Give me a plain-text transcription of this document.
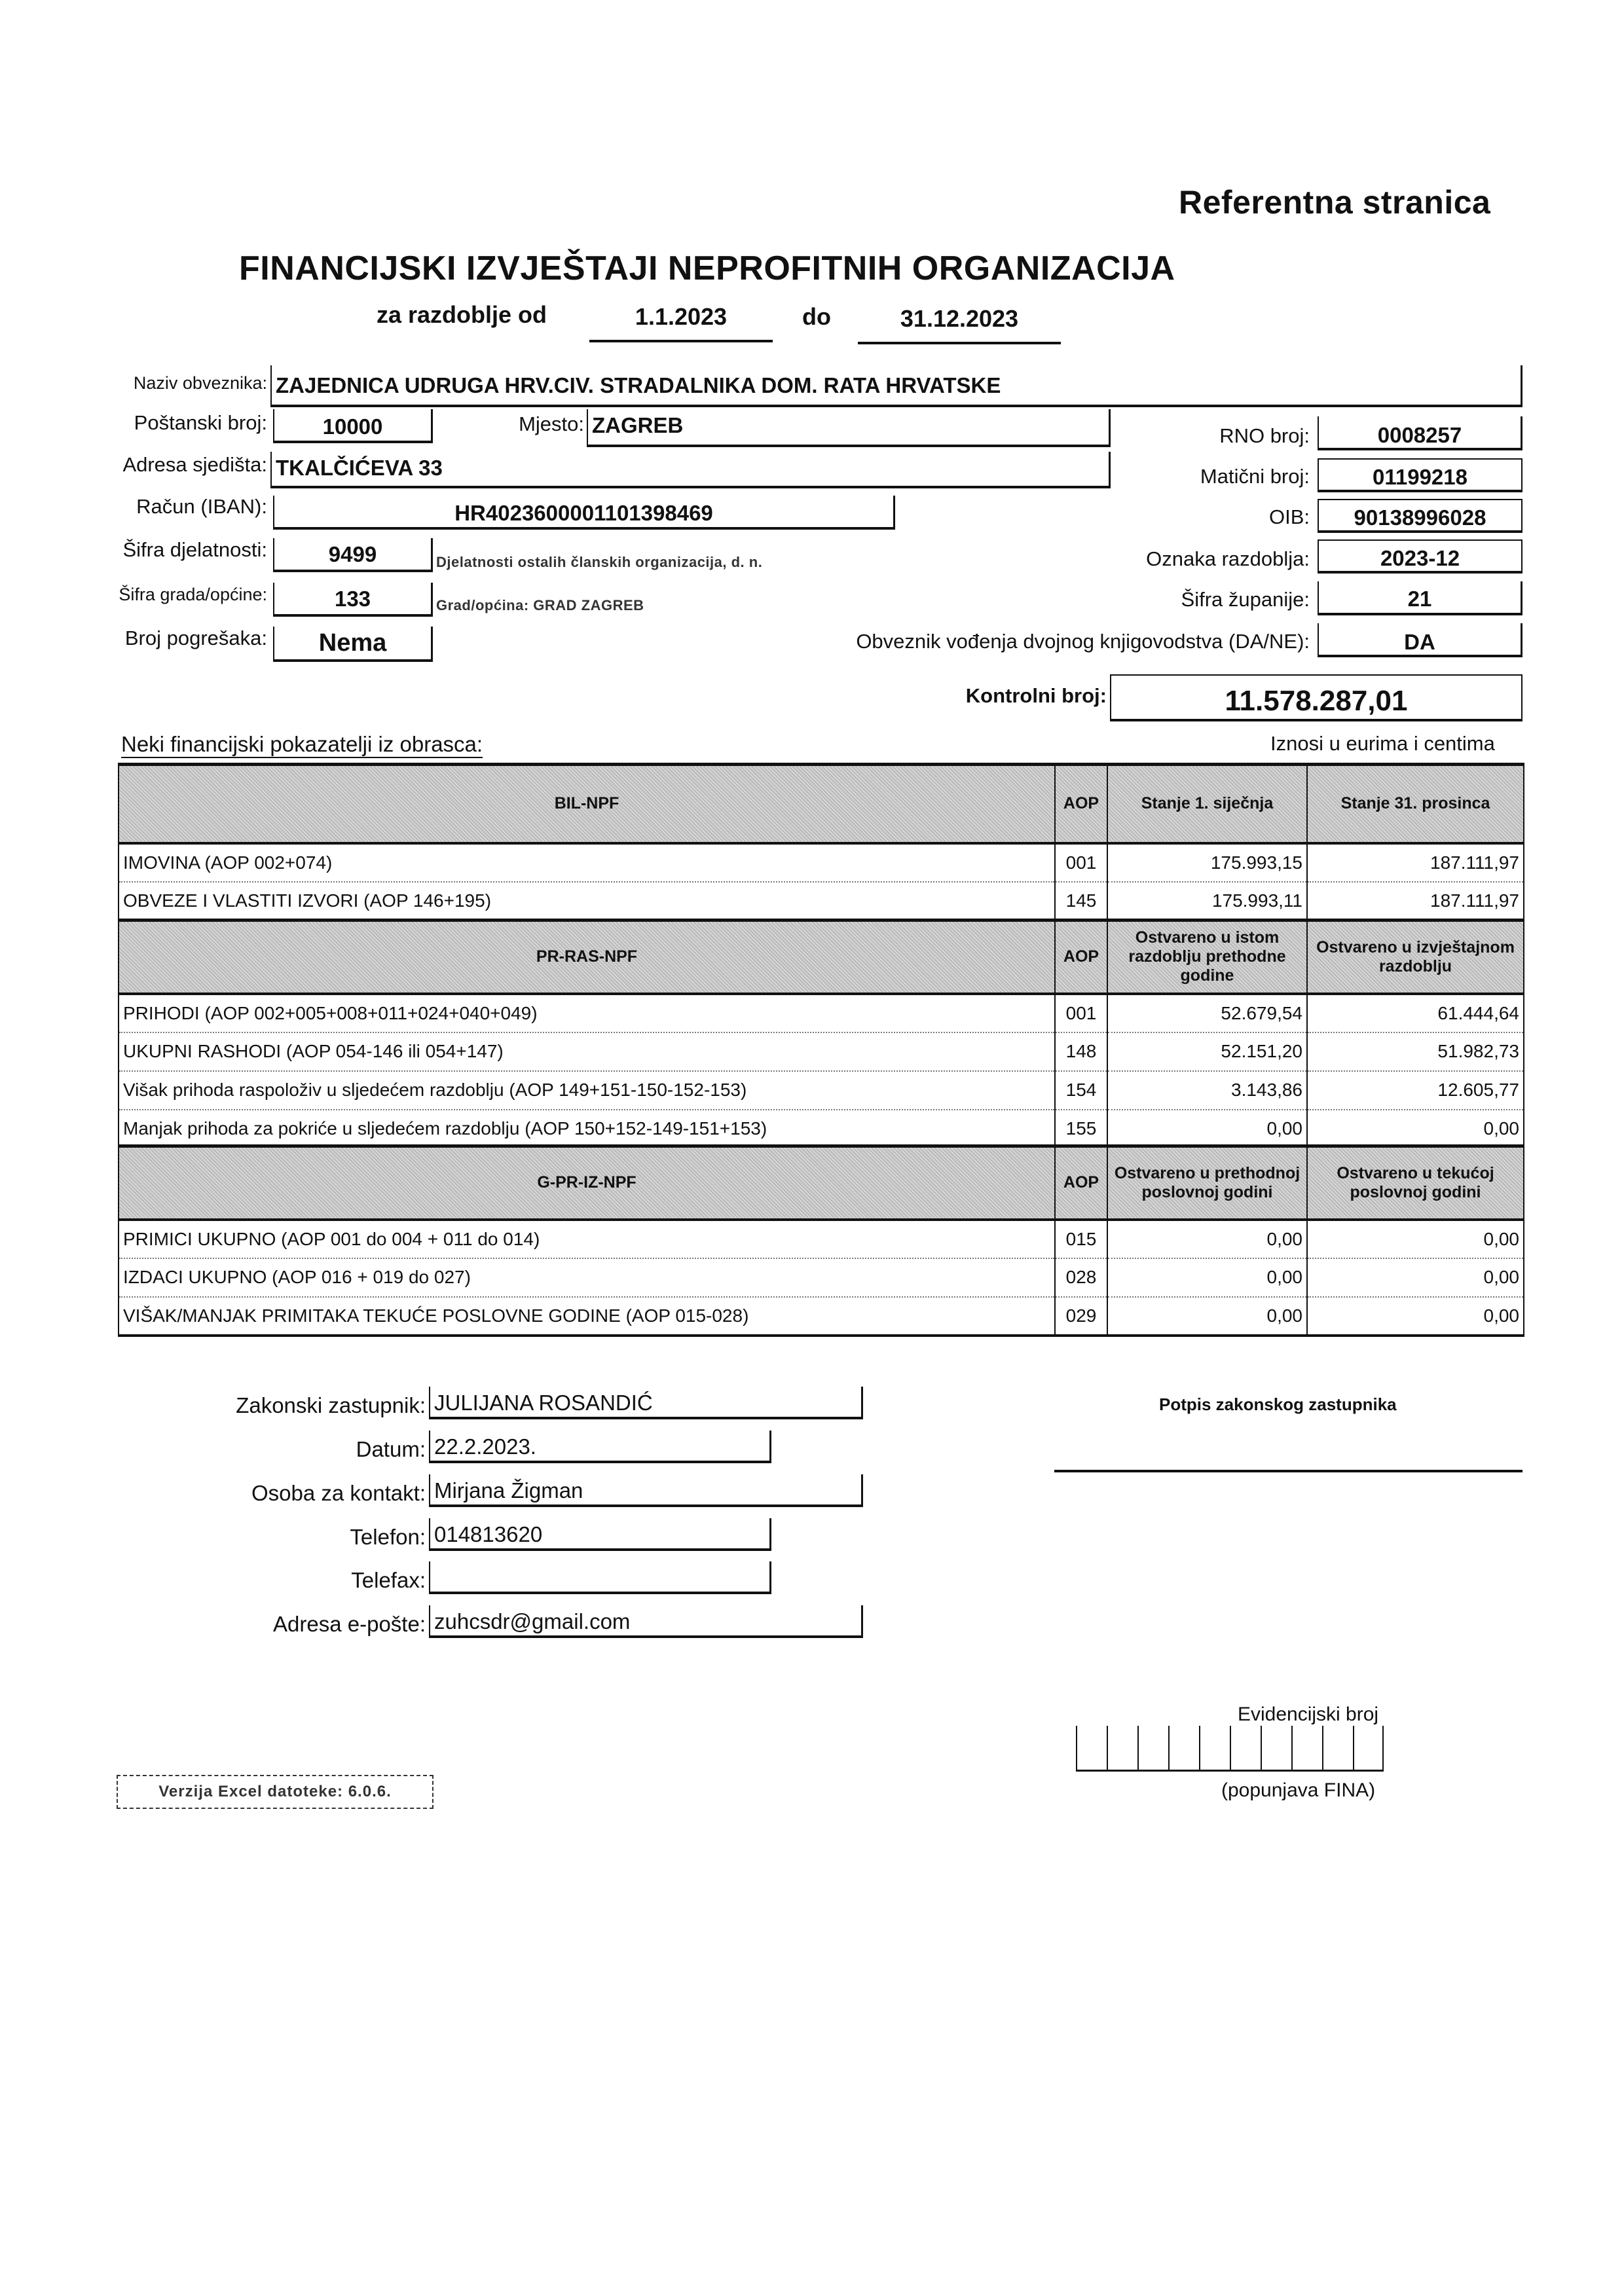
Referentna stranica
FINANCIJSKI IZVJEŠTAJI NEPROFITNIH ORGANIZACIJA
za razdoblje od	1.1.2023	do	31.12.2023
Naziv obveznika: ZAJEDNICA UDRUGA HRV.CIV. STRADALNIKA DOM. RATA HRVATSKE
Poštanski broj:	10000	Mjesto: ZAGREB
Adresa sjedišta: TKALČIĆEVA 33
Račun (IBAN):	HR4023600001101398469
Šifra djelatnosti:	9499	Djelatnosti ostalih članskih organizacija, d. n.
Šifra grada/općine:	133	Grad/općina: GRAD ZAGREB
Broj pogrešaka:	Nema
RNO broj:	0008257
Matični broj:	01199218
OIB:	90138996028
Oznaka razdoblja:	2023-12
Šifra županije:	21
Obveznik vođenja dvojnog knjigovodstva (DA/NE):	DA
Kontrolni broj:	11.578.287,01
Neki financijski pokazatelji iz obrasca:	Iznosi u eurima i centima
BIL-NPF	AOP	Stanje 1. siječnja	Stanje 31. prosinca
IMOVINA (AOP 002+074)	001	175.993,15	187.111,97
OBVEZE I VLASTITI IZVORI (AOP 146+195)	145	175.993,11	187.111,97
PR-RAS-NPF	AOP	Ostvareno u istom razdoblju prethodne godine	Ostvareno u izvještajnom razdoblju
PRIHODI (AOP 002+005+008+011+024+040+049)	001	52.679,54	61.444,64
UKUPNI RASHODI (AOP 054-146 ili 054+147)	148	52.151,20	51.982,73
Višak prihoda raspoloživ u sljedećem razdoblju (AOP 149+151-150-152-153)	154	3.143,86	12.605,77
Manjak prihoda za pokriće u sljedećem razdoblju (AOP 150+152-149-151+153)	155	0,00	0,00
G-PR-IZ-NPF	AOP	Ostvareno u prethodnoj poslovnoj godini	Ostvareno u tekućoj poslovnoj godini
PRIMICI UKUPNO (AOP 001 do 004 + 011 do 014)	015	0,00	0,00
IZDACI UKUPNO (AOP 016 + 019 do 027)	028	0,00	0,00
VIŠAK/MANJAK PRIMITAKA TEKUĆE POSLOVNE GODINE (AOP 015-028)	029	0,00	0,00
Zakonski zastupnik: JULIJANA ROSANDIĆ
Datum: 22.2.2023.
Osoba za kontakt: Mirjana Žigman
Telefon: 014813620
Telefax:
Adresa e-pošte: zuhcsdr@gmail.com
Potpis zakonskog zastupnika
Evidencijski broj
(popunjava FINA)
Verzija Excel datoteke: 6.0.6.
